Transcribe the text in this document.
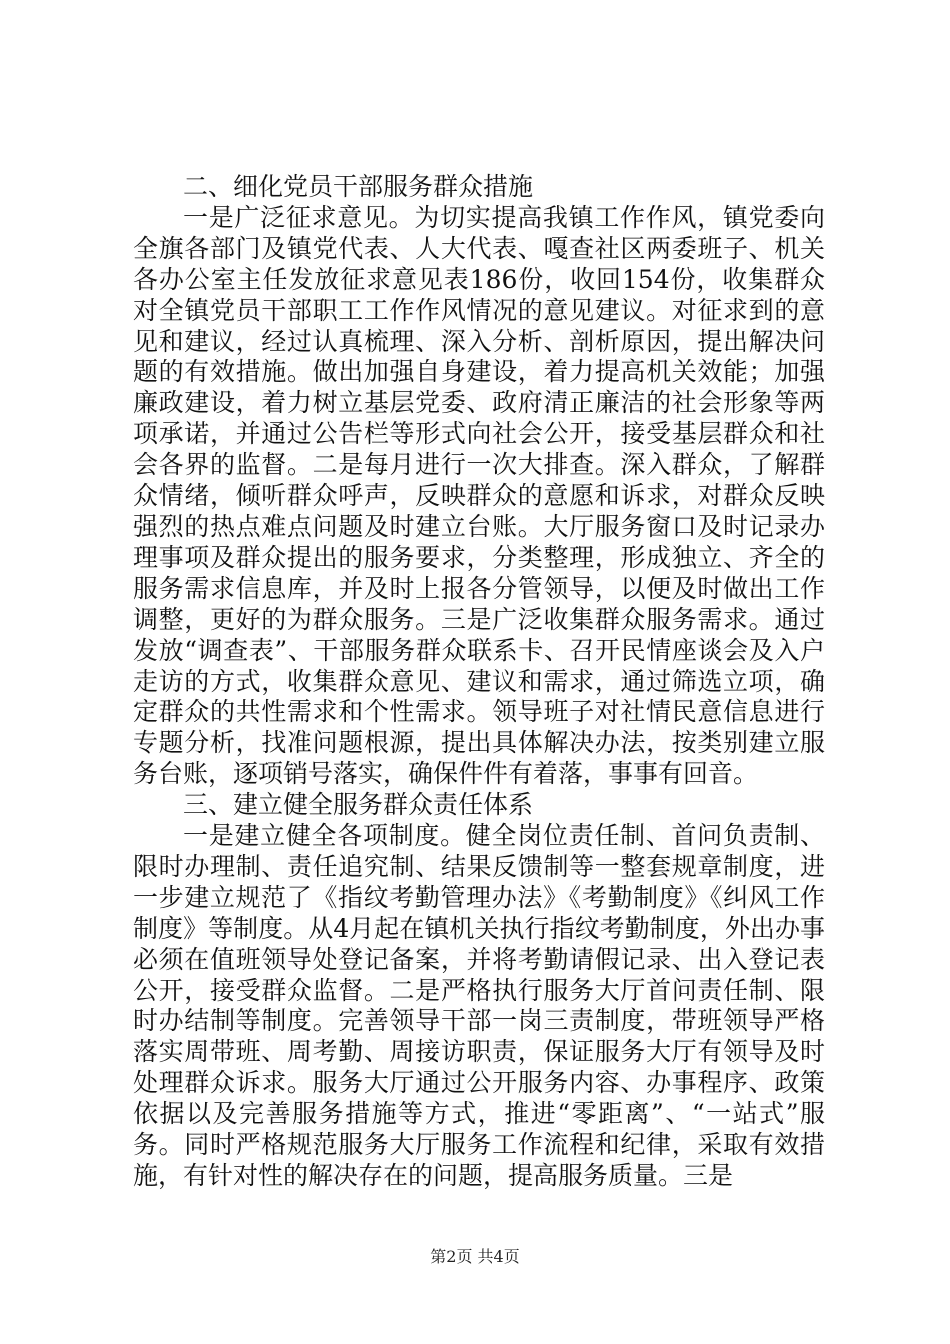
二、细化党员干部服务群众措施

一是广泛征求意见。为切实提高我镇工作作风，镇党委向全旗各部门及镇党代表、人大代表、嘎查社区两委班子、机关各办公室主任发放征求意见表186份，收回154份，收集群众对全镇党员干部职工工作作风情况的意见建议。对征求到的意见和建议，经过认真梳理、深入分析、剖析原因，提出解决问题的有效措施。做出加强自身建设，着力提高机关效能；加强廉政建设，着力树立基层党委、政府清正廉洁的社会形象等两项承诺，并通过公告栏等形式向社会公开，接受基层群众和社会各界的监督。二是每月进行一次大排查。深入群众，了解群众情绪，倾听群众呼声，反映群众的意愿和诉求，对群众反映强烈的热点难点问题及时建立台账。大厅服务窗口及时记录办理事项及群众提出的服务要求，分类整理，形成独立、齐全的服务需求信息库，并及时上报各分管领导，以便及时做出工作调整，更好的为群众服务。三是广泛收集群众服务需求。通过发放“调查表”、干部服务群众联系卡、召开民情座谈会及入户走访的方式，收集群众意见、建议和需求，通过筛选立项，确定群众的共性需求和个性需求。领导班子对社情民意信息进行专题分析，找准问题根源，提出具体解决办法，按类别建立服务台账，逐项销号落实，确保件件有着落，事事有回音。

三、建立健全服务群众责任体系

一是建立健全各项制度。健全岗位责任制、首问负责制、限时办理制、责任追究制、结果反馈制等一整套规章制度，进一步建立规范了《指纹考勤管理办法》《考勤制度》《纠风工作制度》等制度。从4月起在镇机关执行指纹考勤制度，外出办事必须在值班领导处登记备案，并将考勤请假记录、出入登记表公开，接受群众监督。二是严格执行服务大厅首问责任制、限时办结制等制度。完善领导干部一岗三责制度，带班领导严格落实周带班、周考勤、周接访职责，保证服务大厅有领导及时处理群众诉求。服务大厅通过公开服务内容、办事程序、政策依据以及完善服务措施等方式，推进“零距离”、“一站式”服务。同时严格规范服务大厅服务工作流程和纪律，采取有效措施，有针对性的解决存在的问题，提高服务质量。三是

第2页 共4页
